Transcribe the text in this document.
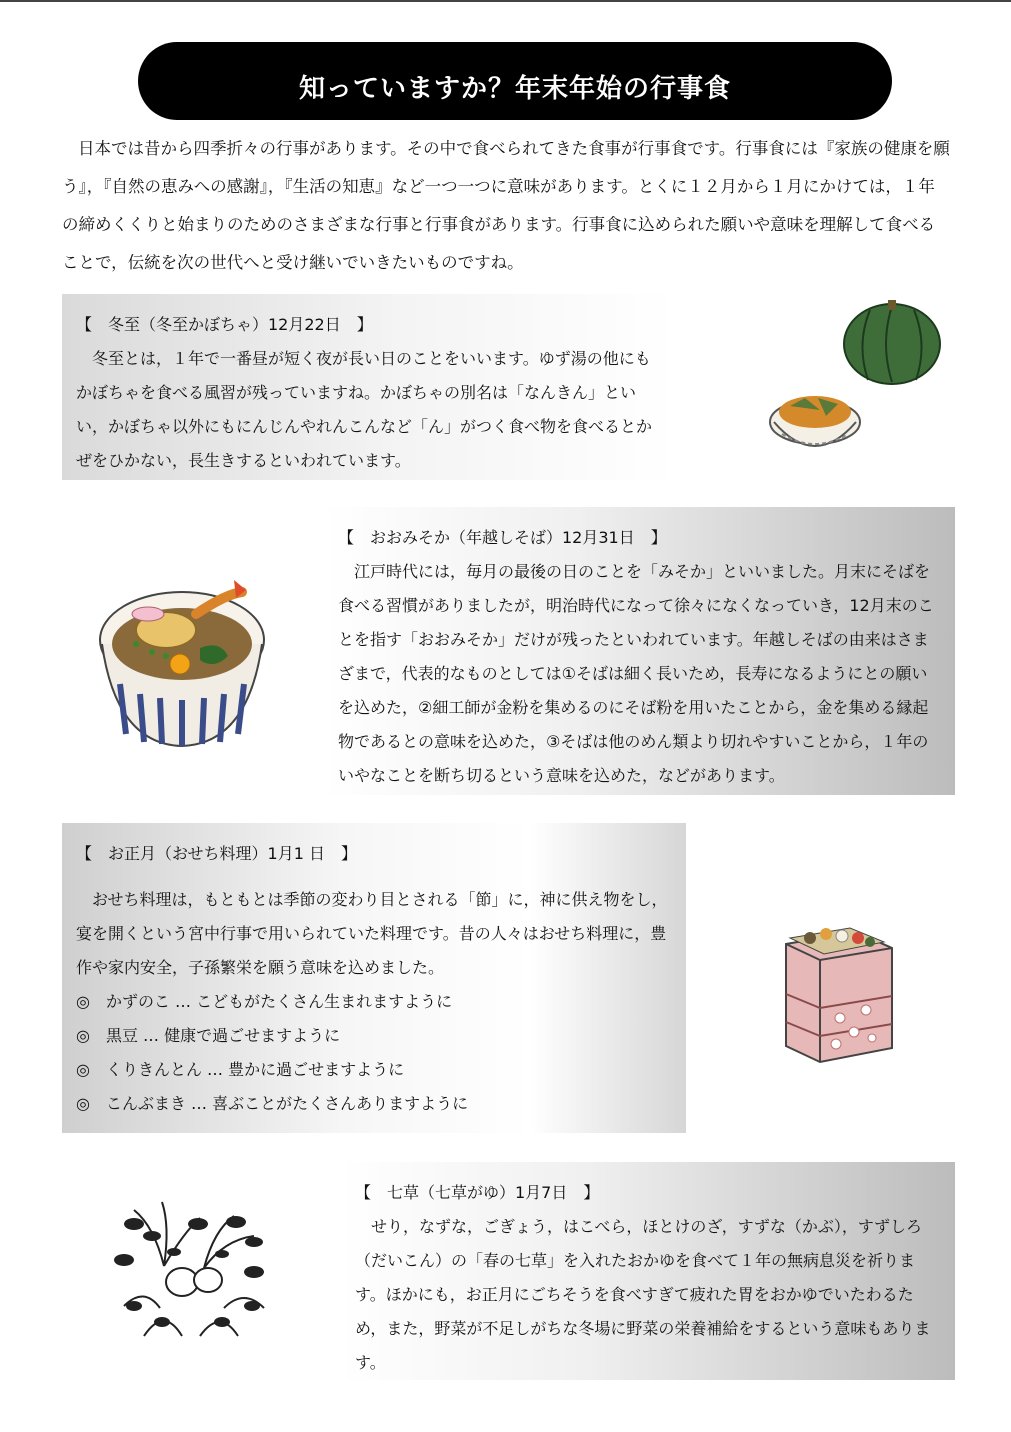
知っていますか？年末年始の行事食
日本では昔から四季折々の行事があります。その中で食べられてきた食事が行事食です。行事食には『家族の健康を願う』，『自然の恵みへの感謝』，『生活の知恵』など一つ一つに意味があります。とくに１２月から１月にかけては，１年の締めくくりと始まりのためのさまざまな行事と行事食があります。行事食に込められた願いや意味を理解して食べることで，伝統を次の世代へと受け継いでいきたいものですね。
【　冬至（冬至かぼちゃ）12月22日　】
冬至とは，１年で一番昼が短く夜が長い日のことをいいます。ゆず湯の他にもかぼちゃを食べる風習が残っていますね。かぼちゃの別名は「なんきん」といい，かぼちゃ以外にもにんじんやれんこんなど「ん」がつく食べ物を食べるとかぜをひかない，長生きするといわれています。
【　おおみそか（年越しそば）12月31日　】
江戸時代には，毎月の最後の日のことを「みそか」といいました。月末にそばを食べる習慣がありましたが，明治時代になって徐々になくなっていき，12月末のことを指す「おおみそか」だけが残ったといわれています。年越しそばの由来はさまざまで，代表的なものとしては①そばは細く長いため，長寿になるようにとの願いを込めた，②細工師が金粉を集めるのにそば粉を用いたことから，金を集める縁起物であるとの意味を込めた，③そばは他のめん類より切れやすいことから，１年のいやなことを断ち切るという意味を込めた，などがあります。
【　お正月（おせち料理）1月1 日　】
おせち料理は，もともとは季節の変わり目とされる「節」に，神に供え物をし，宴を開くという宮中行事で用いられていた料理です。昔の人々はおせち料理に，豊作や家内安全，子孫繁栄を願う意味を込めました。
◎　かずのこ … こどもがたくさん生まれますように
◎　黒豆 … 健康で過ごせますように
◎　くりきんとん … 豊かに過ごせますように
◎　こんぶまき … 喜ぶことがたくさんありますように
【　七草（七草がゆ）1月7日　】
せり，なずな，ごぎょう，はこべら，ほとけのざ，すずな（かぶ），すずしろ（だいこん）の「春の七草」を入れたおかゆを食べて１年の無病息災を祈ります。ほかにも，お正月にごちそうを食べすぎて疲れた胃をおかゆでいたわるため，また，野菜が不足しがちな冬場に野菜の栄養補給をするという意味もあります。
